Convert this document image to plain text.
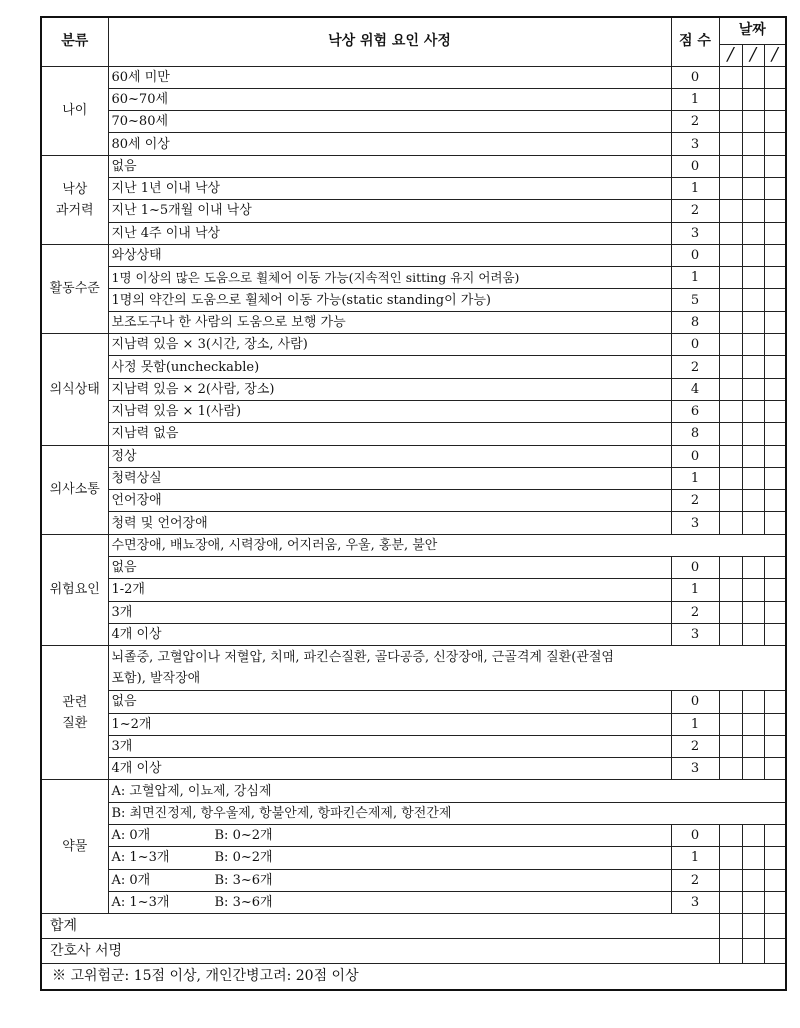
분류	낙상 위험 요인 사정	점 수	날짜		
			/	/	/
나이	60세 미만	0			
	60~70세	1			
	70~80세	2			
	80세 이상	3			
낙상 과거력	없음	0			
	지난 1년 이내 낙상	1			
	지난 1~5개월 이내 낙상	2			
	지난 4주 이내 낙상	3			
활동수준	와상상태	0			
	1명 이상의 많은 도움으로 휠체어 이동 가능(지속적인 sitting 유지 어려움)	1			
	1명의 약간의 도움으로 휠체어 이동 가능(static standing이 가능)	5			
	보조도구나 한 사람의 도움으로 보행 가능	8			
의식상태	지남력 있음 × 3(시간, 장소, 사람)	0			
	사정 못함(uncheckable)	2			
	지남력 있음 × 2(사람, 장소)	4			
	지남력 있음 × 1(사람)	6			
	지남력 없음	8			
의사소통	정상	0			
	청력상실	1			
	언어장애	2			
	청력 및 언어장애	3			
위험요인	수면장애, 배뇨장애, 시력장애, 어지러움, 우울, 홍분, 불안				
	없음	0			
	1-2개	1			
	3개	2			
	4개 이상	3			
관련 질환	뇌졸중, 고혈압이나 저혈압, 치매, 파킨슨질환, 골다공증, 신장장애, 근골격계 질환(관절염 포함), 발작장애				
	없음	0			
	1~2개	1			
	3개	2			
	4개 이상	3			
약물	A: 고혈압제, 이뇨제, 강심제				
	B: 최면진정제, 항우울제, 항불안제, 항파킨슨제제, 항전간제				
	A: 0개 B: 0~2개	0			
	A: 1~3개 B: 0~2개	1			
	A: 0개 B: 3~6개	2			
	A: 1~3개 B: 3~6개	3			
합계					
간호사 서명					
※ 고위험군: 15점 이상, 개인간병고려: 20점 이상					
